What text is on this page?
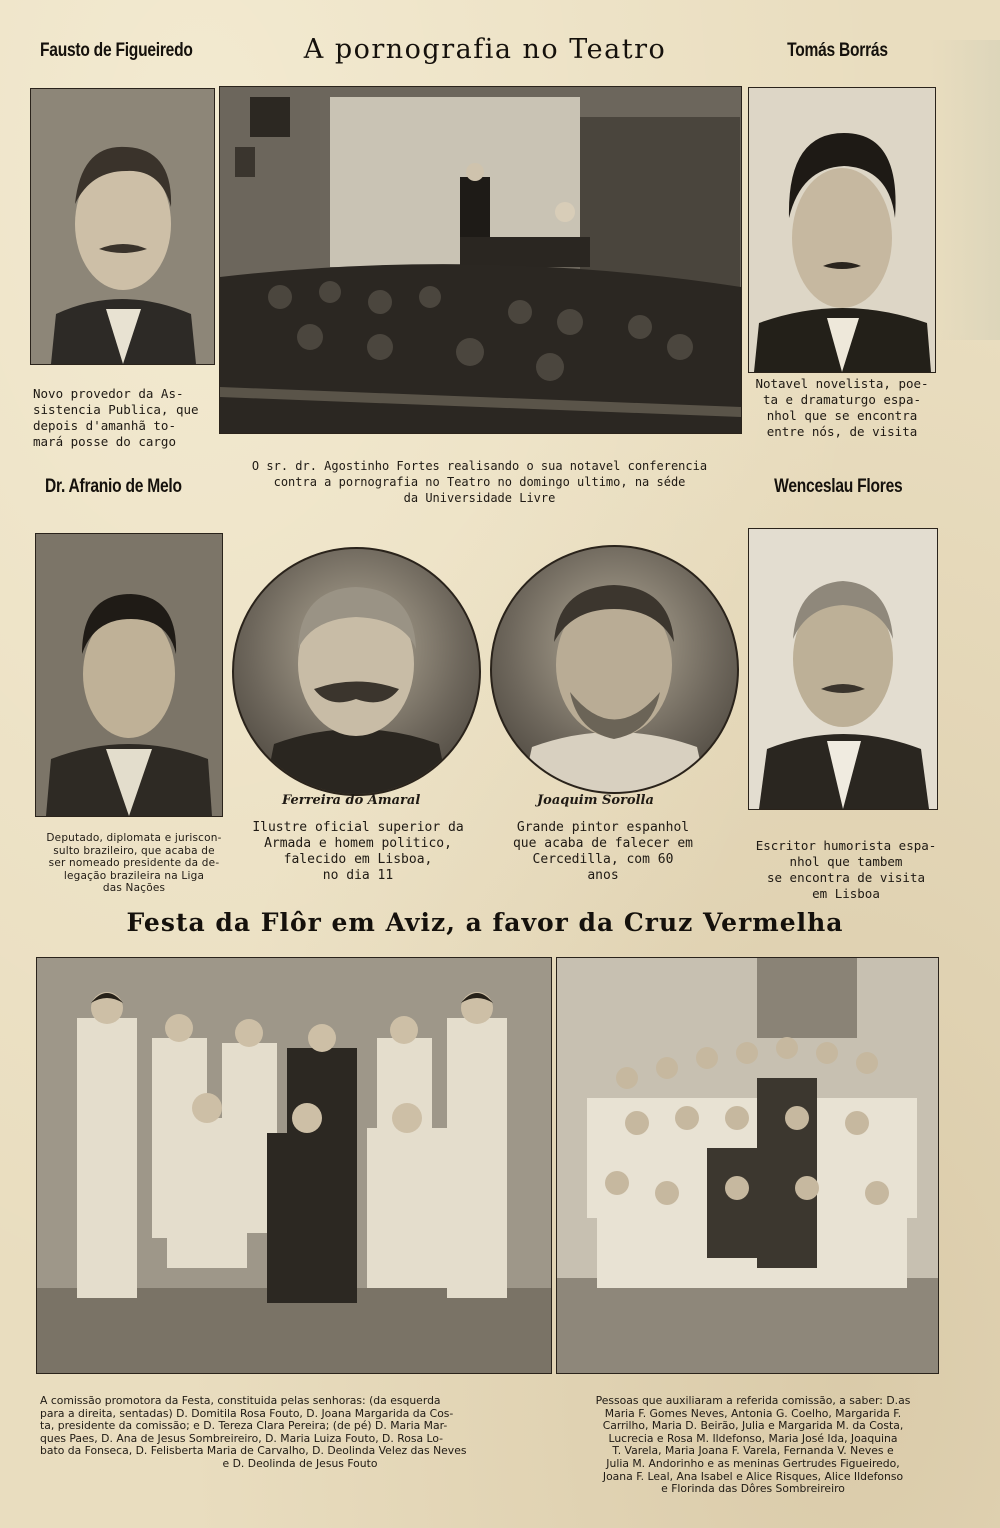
Fausto de Figueiredo	A pornografia no Teatro	Tomás Borrás
Novo provedor da As-
sistencia Publica, que
depois d'amanhã to-
mará posse do cargo
Dr. Afranio de Melo
O sr. dr. Agostinho Fortes realisando o sua notavel conferencia
contra a pornografia no Teatro no domingo ultimo, na séde
da Universidade Livre
Notavel novelista, poe-
ta e dramaturgo espa-
nhol que se encontra
entre nós, de visita
Wenceslau Flores
Deputado, diplomata e juriscon-
sulto brazileiro, que acaba de
ser nomeado presidente da de-
legação brazileira na Liga
das Nações
Ferreira do Amaral
Ilustre oficial superior da
Armada e homem politico,
falecido em Lisboa,
no dia 11
Joaquim Sorolla
Grande pintor espanhol
que acaba de falecer em
Cercedilla, com 60
anos
Escritor humorista espa-
nhol que tambem
se encontra de visita
em Lisboa
Festa da Flôr em Aviz, a favor da Cruz Vermelha
A comissão promotora da Festa, constituida pelas senhoras: (da esquerda
para a direita, sentadas) D. Domitila Rosa Fouto, D. Joana Margarida da Cos-
ta, presidente da comissão; e D. Tereza Clara Pereira; (de pé) D. Maria Mar-
ques Paes, D. Ana de Jesus Sombreireiro, D. Maria Luiza Fouto, D. Rosa Lo-
bato da Fonseca, D. Felisberta Maria de Carvalho, D. Deolinda Velez das Neves
e D. Deolinda de Jesus Fouto
Pessoas que auxiliaram a referida comissão, a saber: D.as
Maria F. Gomes Neves, Antonia G. Coelho, Margarida F.
Carrilho, Maria D. Beirão, Julia e Margarida M. da Costa,
Lucrecia e Rosa M. Ildefonso, Maria José Ida, Joaquina
T. Varela, Maria Joana F. Varela, Fernanda V. Neves e
Julia M. Andorinho e as meninas Gertrudes Figueiredo,
Joana F. Leal, Ana Isabel e Alice Risques, Alice Ildefonso
e Florinda das Dôres Sombreireiro
